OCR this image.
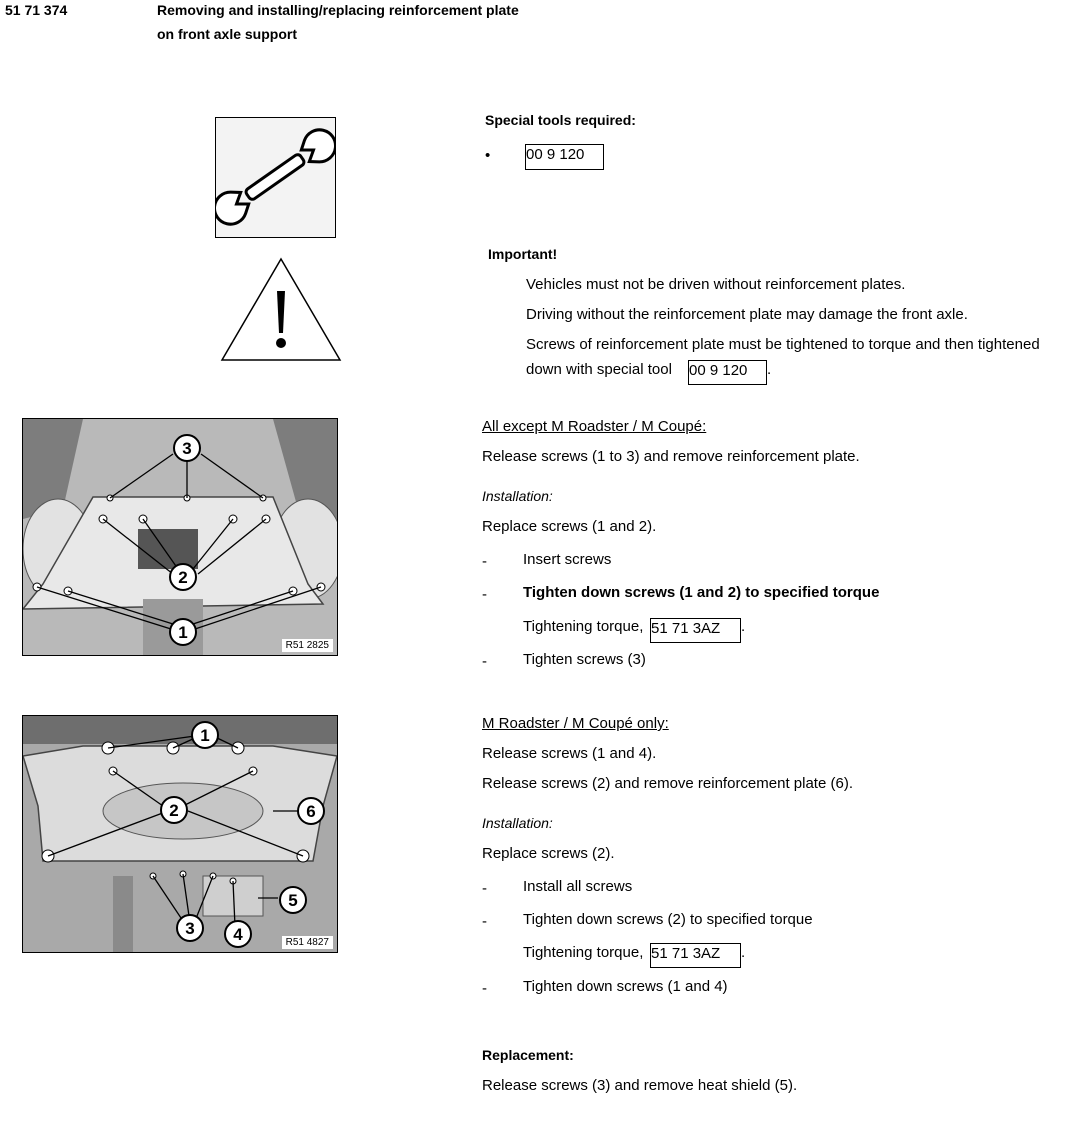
51 71 374	Removing and installing/replacing reinforcement plate
on front axle support
Special tools required:
• 00 9 120
Important!
Vehicles must not be driven without reinforcement plates.
Driving without the reinforcement plate may damage the front axle.
Screws of reinforcement plate must be tightened to torque and then tightened
down with special tool 00 9 120	.
3
2
1
R51 2825
All except M Roadster / M Coupé:
Release screws (1 to 3) and remove reinforcement plate.
Installation:
Replace screws (1 and 2).
- Insert screws
- Tighten down screws (1 and 2) to specified torque
Tightening torque, 51 71 3AZ	.
- Tighten screws (3)
1
2	6
5
3 4	R51 4827
M Roadster / M Coupé only:
Release screws (1 and 4).
Release screws (2) and remove reinforcement plate (6).
Installation:
Replace screws (2).
- Install all screws
- Tighten down screws (2) to specified torque
Tightening torque, 51 71 3AZ	.
- Tighten down screws (1 and 4)
Replacement:
Release screws (3) and remove heat shield (5).
